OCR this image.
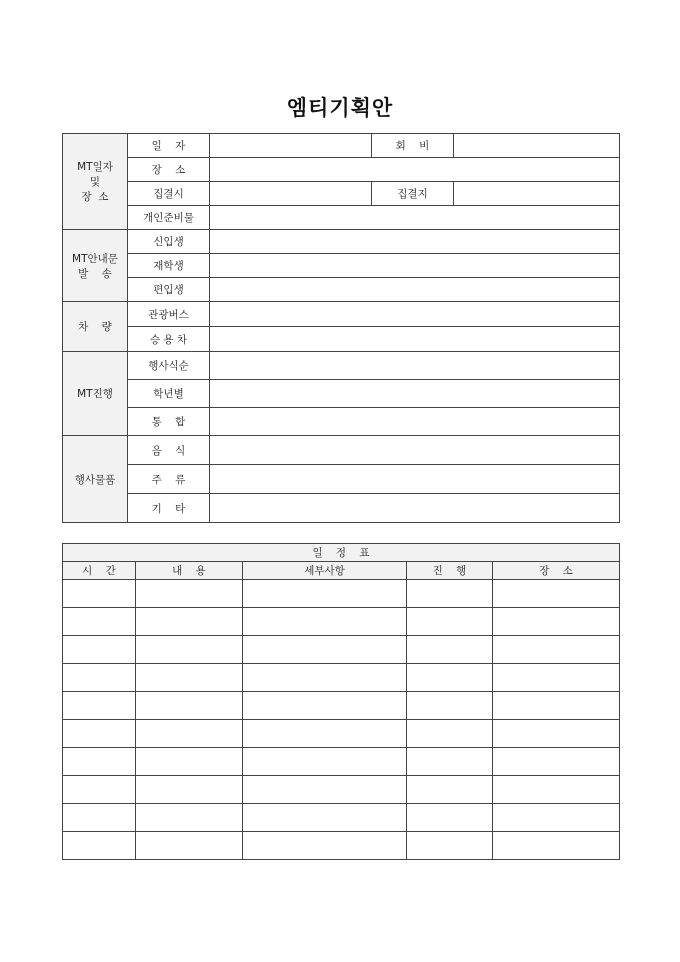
엠티기획안
MT일자
및
장  소	일    자		회    비	
	장    소			
	집결시		집결지	
	개인준비물			
MT안내문
발    송	신입생			
	재학생			
	편입생			
차    량	관광버스			
	승 용 차			
MT진행	행사식순			
	학년별			
	통    합			
행사물품	음    식			
	주    류			
	기    타			
일    정    표				
시    간	내    용	세부사항	진    행	장    소
